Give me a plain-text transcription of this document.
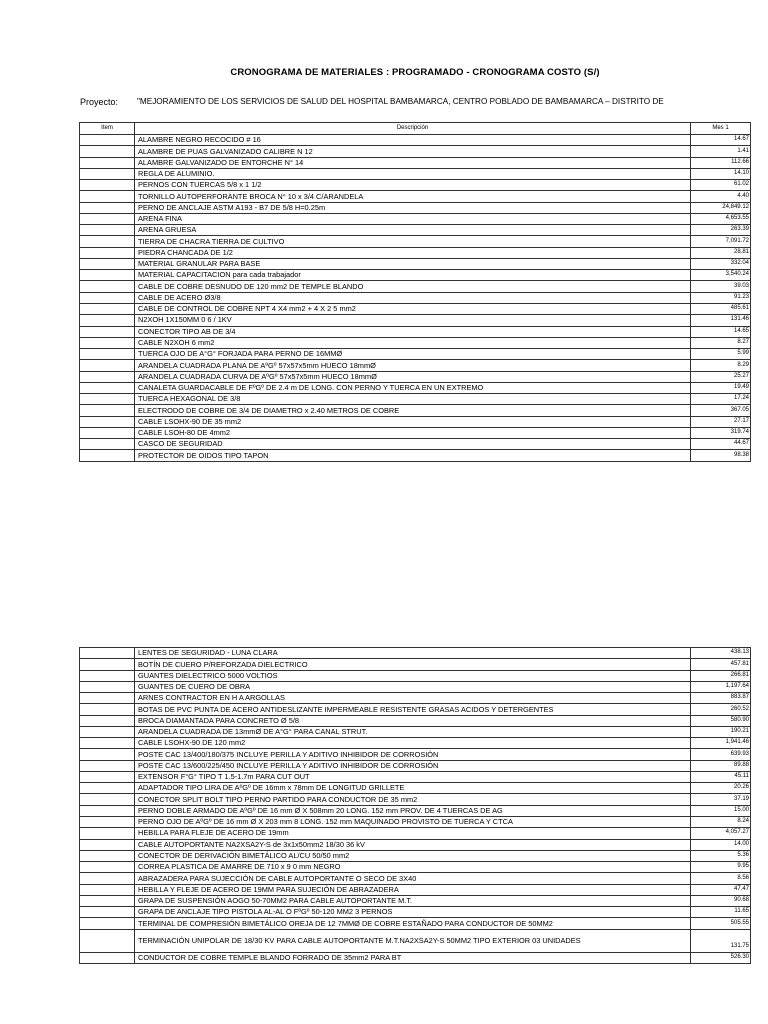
CRONOGRAMA DE MATERIALES : PROGRAMADO - CRONOGRAMA COSTO (S/)
Proyecto: "MEJORAMIENTO DE LOS SERVICIOS DE SALUD DEL HOSPITAL BAMBAMARCA, CENTRO POBLADO DE BAMBAMARCA – DISTRITO DE
Item	Descripción	Mes 1
	ALAMBRE NEGRO RECOCIDO # 16	14.67
	ALAMBRE DE PUAS GALVANIZADO CALIBRE N 12	1.41
	ALAMBRE GALVANIZADO DE ENTORCHE N° 14	112.66
	REGLA DE ALUMINIO.	14.10
	PERNOS CON TUERCAS 5/8 x 1 1/2	61.02
	TORNILLO AUTOPERFORANTE BROCA N° 10 x 3/4 C/ARANDELA	4.40
	PERNO DE ANCLAJE ASTM A193 - B7 DE 5/8 H=0.25m	24,849.12
	ARENA FINA	4,653.55
	ARENA GRUESA	263.39
	TIERRA DE CHACRA TIERRA DE CULTIVO	7,091.72
	PIEDRA CHANCADA DE 1/2	28.81
	MATERIAL GRANULAR PARA BASE	332.04
	MATERIAL CAPACITACION para cada trabajador	3,540.24
	CABLE DE COBRE DESNUDO DE 120 mm2 DE TEMPLE BLANDO	39.03
	CABLE DE ACERO Ø3/8	91.23
	CABLE DE CONTROL DE COBRE NPT 4 X4 mm2 + 4 X 2 5 mm2	485.61
	N2XOH 1X150MM 0 6 / 1KV	131.46
	CONECTOR TIPO AB DE 3/4	14.65
	CABLE N2XOH 6 mm2	8.27
	TUERCA OJO DE A°G° FORJADA PARA PERNO DE 16MMØ	5.99
	ARANDELA CUADRADA PLANA DE AºGº 57x57x5mm HUECO 18mmØ	8.29
	ARANDELA CUADRADA CURVA DE AºGº 57x57x5mm HUECO 18mmØ	25.27
	CANALETA GUARDACABLE DE FºGº DE 2.4 m DE LONG. CON PERNO Y TUERCA EN UN EXTREMO	19.49
	TUERCA HEXAGONAL DE 3/8	17.24
	ELECTRODO DE COBRE DE 3/4 DE DIAMETRO x 2.40 METROS DE COBRE	367.05
	CABLE LSOHX-90 DE 35 mm2	27.17
	CABLE LSOH-80 DE 4mm2	319.74
	CASCO DE SEGURIDAD	44.67
	PROTECTOR DE OIDOS TIPO TAPON	98.38
	LENTES DE SEGURIDAD - LUNA CLARA	438.13
	BOTÍN DE CUERO P/REFORZADA DIELECTRICO	457.81
	GUANTES DIELECTRICO 5000 VOLTIOS	266.81
	GUANTES DE CUERO DE OBRA	1,197.64
	ARNES CONTRACTOR EN H A ARGOLLAS	883.87
	BOTAS DE PVC PUNTA DE ACERO ANTIDESLIZANTE IMPERMEABLE RESISTENTE GRASAS ACIDOS Y DETERGENTES	260.52
	BROCA DIAMANTADA PARA CONCRETO Ø 5/8	580.90
	ARANDELA CUADRADA DE 13mmØ DE A°G° PARA CANAL STRUT.	190.21
	CABLE LSOHX-90 DE 120 mm2	1,941.46
	POSTE CAC 13/400/180/375 INCLUYE PERILLA Y ADITIVO INHIBIDOR DE CORROSIÓN	639.93
	POSTE CAC 13/600/225/450 INCLUYE PERILLA Y ADITIVO INHIBIDOR DE CORROSIÓN	89.88
	EXTENSOR F°G° TIPO T 1.5-1.7m PARA CUT OUT	45.11
	ADAPTADOR TIPO LIRA DE AºGº DE 16mm x 78mm DE LONGITUD GRILLETE	20.26
	CONECTOR SPLIT BOLT TIPO PERNO PARTIDO PARA CONDUCTOR DE 35 mm2	37.19
	PERNO DOBLE ARMADO DE AºGº DE 16 mm Ø X 508mm 20 LONG. 152 mm PROV. DE 4 TUERCAS DE AG	15.00
	PERNO OJO DE AºGº DE 16 mm Ø X 203 mm 8 LONG. 152 mm MAQUINADO PROVISTO DE TUERCA Y CTCA	8.24
	HEBILLA PARA FLEJE DE ACERO DE 19mm	4,057.27
	CABLE AUTOPORTANTE NA2XSA2Y-S de 3x1x50mm2 18/30 36 kV	14.00
	CONECTOR DE DERIVACIÓN BIMETÁLICO AL/CU 50/50 mm2	5.36
	CORREA PLASTICA DE AMARRE DE 710 x 9 0 mm NEGRO	9.95
	ABRAZADERA PARA SUJECCIÓN DE CABLE AUTOPORTANTE O SECO DE 3X40	8.56
	HEBILLA Y FLEJE DE ACERO DE 19MM PARA SUJECIÓN DE ABRAZADERA	47.47
	GRAPA DE SUSPENSIÓN AOGO 50-70MM2 PARA CABLE AUTOPORTANTE M.T.	90.68
	GRAPA DE ANCLAJE TIPO PISTOLA AL-AL O FºGº 50-120 MM2 3 PERNOS	11.65
	TERMINAL DE COMPRESIÓN BIMETÁLICO OREJA DE 12 7MMØ DE COBRE ESTAÑADO PARA CONDUCTOR DE 50MM2	505.55
	TERMINACIÓN UNIPOLAR DE 18/30 KV PARA CABLE AUTOPORTANTE M.T.NA2XSA2Y-S 50MM2 TIPO EXTERIOR 03 UNIDADES	131.75
	CONDUCTOR DE COBRE TEMPLE BLANDO FORRADO DE 35mm2 PARA BT	526.30
